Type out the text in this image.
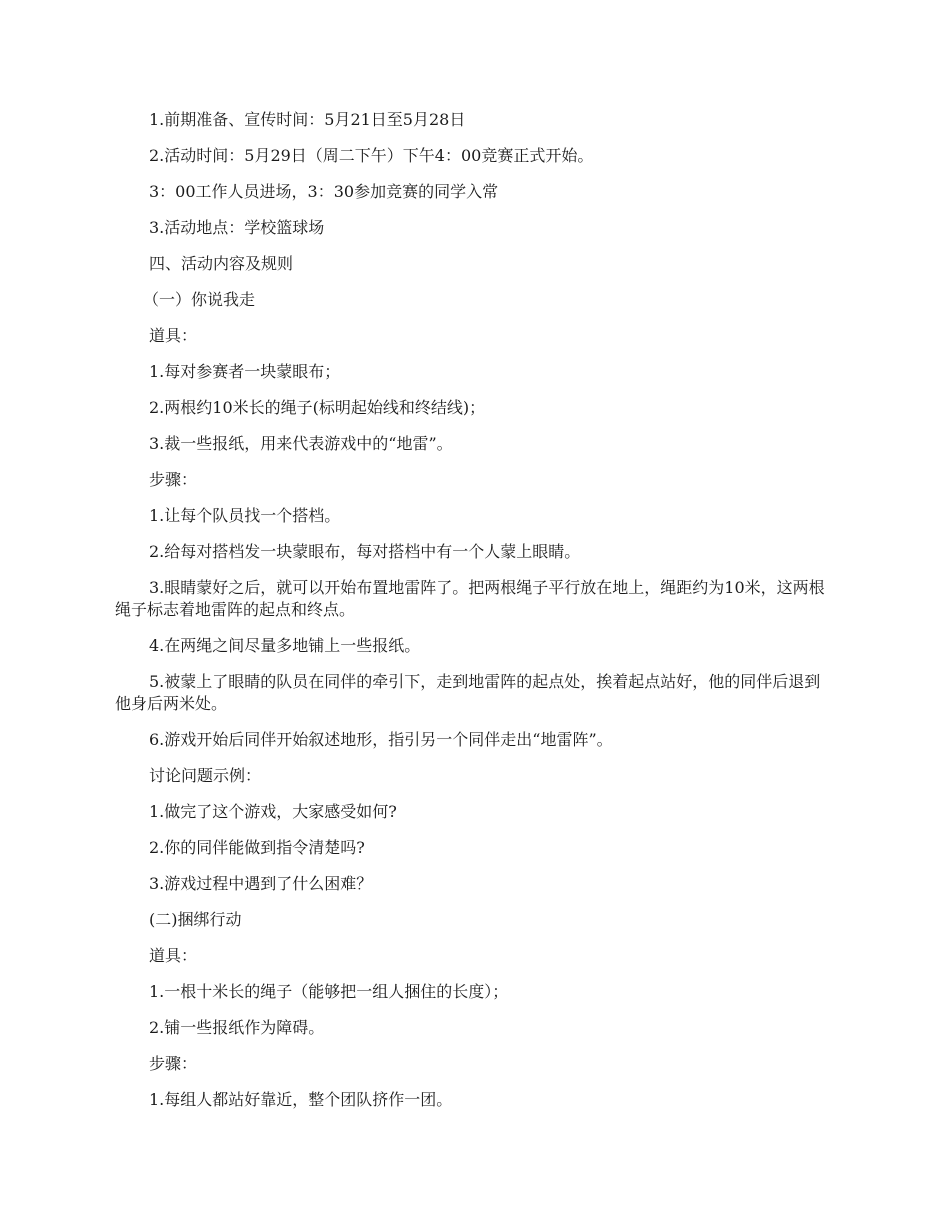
1.前期准备、宣传时间：5月21日至5月28日

2.活动时间：5月29日（周二下午）下午4：00竞赛正式开始。

3：00工作人员进场，3：30参加竞赛的同学入常

3.活动地点：学校篮球场

四、活动内容及规则

（一）你说我走

道具：

1.每对参赛者一块蒙眼布；

2.两根约10米长的绳子(标明起始线和终结线)；

3.裁一些报纸，用来代表游戏中的“地雷”。

步骤：

1.让每个队员找一个搭档。

2.给每对搭档发一块蒙眼布，每对搭档中有一个人蒙上眼睛。

3.眼睛蒙好之后，就可以开始布置地雷阵了。把两根绳子平行放在地上，绳距约为10米，这两根绳子标志着地雷阵的起点和终点。

4.在两绳之间尽量多地铺上一些报纸。

5.被蒙上了眼睛的队员在同伴的牵引下，走到地雷阵的起点处，挨着起点站好，他的同伴后退到他身后两米处。

6.游戏开始后同伴开始叙述地形，指引另一个同伴走出“地雷阵”。

讨论问题示例：

1.做完了这个游戏，大家感受如何?

2.你的同伴能做到指令清楚吗?

3.游戏过程中遇到了什么困难？

(二)捆绑行动

道具：

1.一根十米长的绳子（能够把一组人捆住的长度）；

2.铺一些报纸作为障碍。

步骤：

1.每组人都站好靠近，整个团队挤作一团。
